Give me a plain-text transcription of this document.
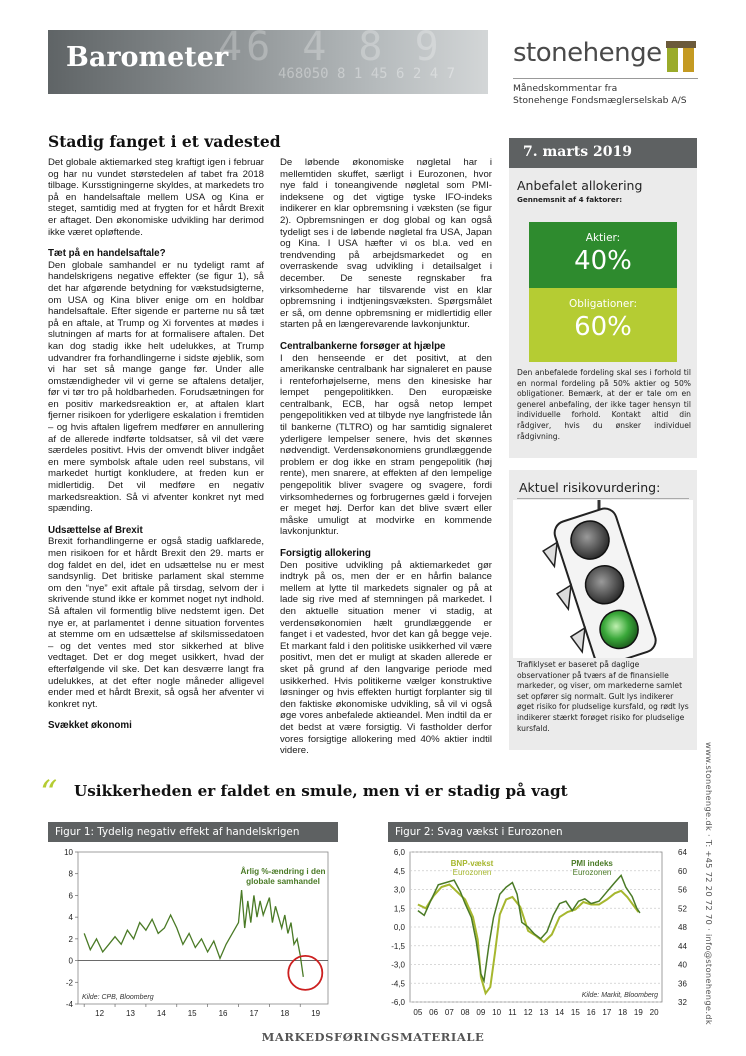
46 4 8 9
468050 8 1 45 6 2 4 7
Barometer	stonehenge
Månedskommentar fra
Stonehenge Fondsmæglerselskab A/S
Stadig fanget i et vadested

Det globale aktiemarked steg kraftigt igen i februar og har nu vundet størstedelen af tabet fra 2018 tilbage. Kursstigningerne skyldes, at markedets tro på en handelsaftale mellem USA og Kina er steget, samtidig med at frygten for et hårdt Brexit er aftaget. Den økonomiske udvikling har derimod ikke været opløftende.

Tæt på en handelsaftale?

Den globale samhandel er nu tydeligt ramt af handelskrigens negative effekter (se figur 1), så det har afgørende betydning for vækstudsigterne, om USA og Kina bliver enige om en holdbar handelsaftale. Efter sigende er parterne nu så tæt på en aftale, at Trump og Xi forventes at mødes i slutningen af marts for at formalisere aftalen. Det kan dog stadig ikke helt udelukkes, at Trump udvandrer fra forhandlingerne i sidste øjeblik, som vi har set så mange gange før. Under alle omstændigheder vil vi gerne se aftalens detaljer, før vi tør tro på holdbarheden. Forudsætningen for en positiv markedsreaktion er, at aftalen klart fjerner risikoen for yderligere eskalation i fremtiden – og hvis aftalen ligefrem medfører en annullering af de allerede indførte toldsatser, så vil det være særdeles positivt. Hvis der omvendt bliver indgået en mere symbolsk aftale uden reel substans, vil markedet hurtigt konkludere, at freden kun er midlertidig. Det vil medføre en negativ markedsreaktion. Så vi afventer konkret nyt med spænding.

Udsættelse af Brexit

Brexit forhandlingerne er også stadig uafklarede, men risikoen for et hårdt Brexit den 29. marts er dog faldet en del, idet en udsættelse nu er mest sandsynlig. Det britiske parlament skal stemme om den “nye” exit aftale på tirsdag, selvom der i skrivende stund ikke er kommet noget nyt indhold. Så aftalen vil formentlig blive nedstemt igen. Det nye er, at parlamentet i denne situation forventes at stemme om en udsættelse af skilsmissedatoen – og det ventes med stor sikkerhed at blive vedtaget. Det er dog meget usikkert, hvad der efterfølgende vil ske. Det kan desværre langt fra udelukkes, at det efter nogle måneder alligevel ender med et hårdt Brexit, så også her afventer vi konkret nyt.

Svækket økonomi

De løbende økonomiske nøgletal har i mellemtiden skuffet, særligt i Eurozonen, hvor nye fald i toneangivende nøgletal som PMI-indeksene og det vigtige tyske IFO-indeks indikerer en klar opbremsning i væksten (se figur 2). Opbremsningen er dog global og kan også tydeligt ses i de løbende nøgletal fra USA, Japan og Kina. I USA hæfter vi os bl.a. ved en trendvending på arbejdsmarkedet og en overraskende svag udvikling i detailsalget i december. De seneste regnskaber fra virksomhederne har tilsvarende vist en klar opbremsning i indtjeningsvæksten. Spørgsmålet er så, om denne opbremsning er midlertidig eller starten på en længerevarende lavkonjunktur.

Centralbankerne forsøger at hjælpe

I den henseende er det positivt, at den amerikanske centralbank har signaleret en pause i renteforhøjelserne, mens den kinesiske har lempet pengepolitikken. Den europæiske centralbank, ECB, har også netop lempet pengepolitikken ved at tilbyde nye langfristede lån til bankerne (TLTRO) og har samtidig signaleret yderligere lempelser senere, hvis det skønnes nødvendigt. Verdensøkonomiens grundlæggende problem er dog ikke en stram pengepolitik (høj rente), men snarere, at effekten af den lempelige pengepolitik bliver svagere og svagere, fordi virksomhedernes og forbrugernes gæld i forvejen er meget høj. Derfor kan det blive svært eller måske umuligt at modvirke en kommende lavkonjunktur.

Forsigtig allokering

Den positive udvikling på aktiemarkedet gør indtryk på os, men der er en hårfin balance mellem at lytte til markedets signaler og på at lade sig rive med af stemningen på markedet. I den aktuelle situation mener vi stadig, at verdensøkonomien hælt grundlæggende er fanget i et vadested, hvor det kan gå begge veje. Et markant fald i den politiske usikkerhed vil være positivt, men det er muligt at skaden allerede er sket på grund af den langvarige periode med usikkerhed. Hvis politikerne vælger konstruktive løsninger og hvis effekten hurtigt forplanter sig til den faktiske økonomiske udvikling, så vil vi også øge vores anbefalede aktieandel. Men indtil da er det bedst at være forsigtig. Vi fastholder derfor vores forsigtige allokering med 40% aktier indtil videre.

7. marts 2019
Anbefalet allokering
Gennemsnit af 4 faktorer:
Aktier:
40%
Obligationer:
60%
Den anbefalede fordeling skal ses i forhold til en normal fordeling på 50% aktier og 50% obligationer. Bemærk, at der er tale om en generel anbefaling, der ikke tager hensyn til individuelle forhold. Kontakt altid din rådgiver, hvis du ønsker individuel rådgivning.
Aktuel risikovurdering:
Trafiklyset er baseret på daglige observationer på tværs af de finansielle markeder, og viser, om markederne samlet set opfører sig normalt. Gult lys indikerer øget risiko for pludselige kursfald, og rødt lys indikerer stærkt forøget risiko for pludselige kursfald.
www.stonehenge.dk · T: +45 72 20 72 70 · info@stonehenge.dk
“ Usikkerheden er faldet en smule, men vi er stadig på vagt
Figur 1: Tydelig negativ effekt af handelskrigen	Figur 2: Svag vækst i Eurozonen
-4
-2
0
2
4
6
8
10
12	13	14	15	16	17	18	19
Årlig %-ændring i den globale samhandel
Kilde: CPB, Bloomberg
6,0
4,5
3,0
1,5
0,0
-1,5
-3,0
-4,5
-6,0
64
60
56
52
48
44
40
36
32
05 06 07 08 09 10 11 12 13 14 15 16 17 18 19 20
BNP-vækst Eurozonen
PMI indeks Eurozonen
Kilde: Markit, Bloomberg
MARKEDSFØRINGSMATERIALE
